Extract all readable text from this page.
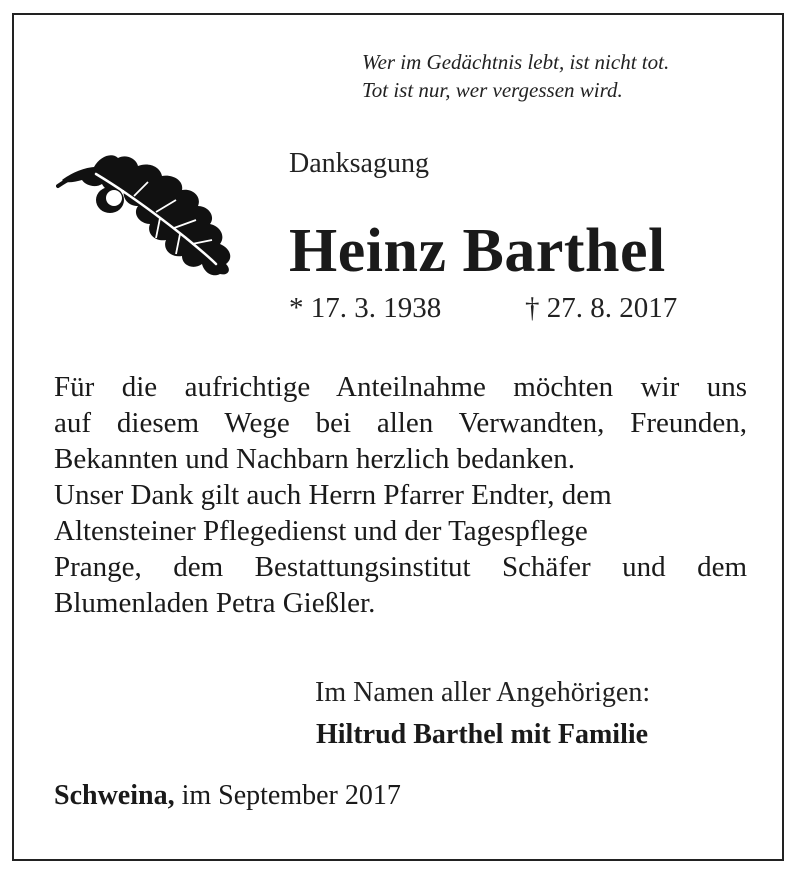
Wer im Gedächtnis lebt, ist nicht tot.
Tot ist nur, wer vergessen wird.
Danksagung
Heinz Barthel
* 17. 3. 1938	† 27. 8. 2017
Für die aufrichtige Anteilnahme möchten wir uns
auf diesem Wege bei allen Verwandten, Freunden,
Bekannten und Nachbarn herzlich bedanken.
Unser Dank gilt auch Herrn Pfarrer Endter, dem
Altensteiner Pflegedienst und der Tagespflege
Prange, dem Bestattungsinstitut Schäfer und dem
Blumenladen Petra Gießler.
Im Namen aller Angehörigen:
Hiltrud Barthel mit Familie
Schweina, im September 2017
